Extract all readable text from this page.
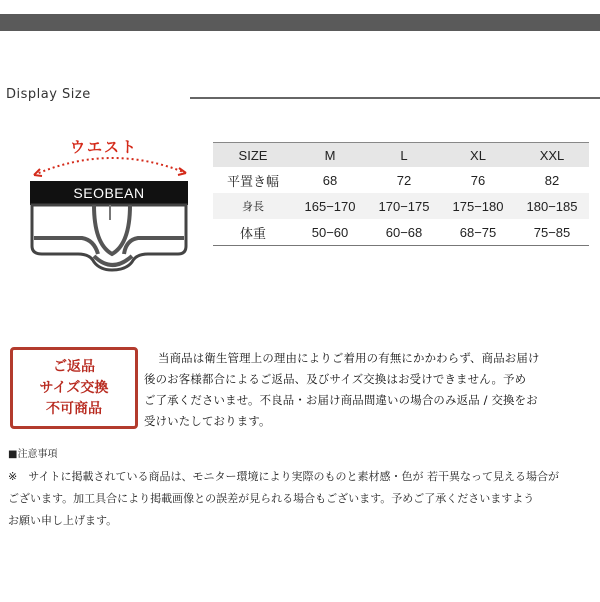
Display Size
ウエスト
SEOBEAN
SIZE	M	L	XL	XXL
平置き幅	68	72	76	82
身長	165−170	170−175	175−180	180−185
体重	50−60	60−68	68−75	75−85
ご返品
サイズ交換
不可商品

当商品は衛生管理上の理由によりご着用の有無にかかわらず、商品お届け

後のお客様都合によるご返品、及びサイズ交換はお受けできません。予め

ご了承くださいませ。不良品・お届け商品間違いの場合のみ返品 / 交換をお

受けいたしております。

■注意事項

※　サイトに掲載されている商品は、モニター環境により実際のものと素材感・色が 若干異なって見える場合が

ございます。加工具合により掲載画像との誤差が見られる場合もございます。予めご了承くださいますよう

お願い申し上げます。
